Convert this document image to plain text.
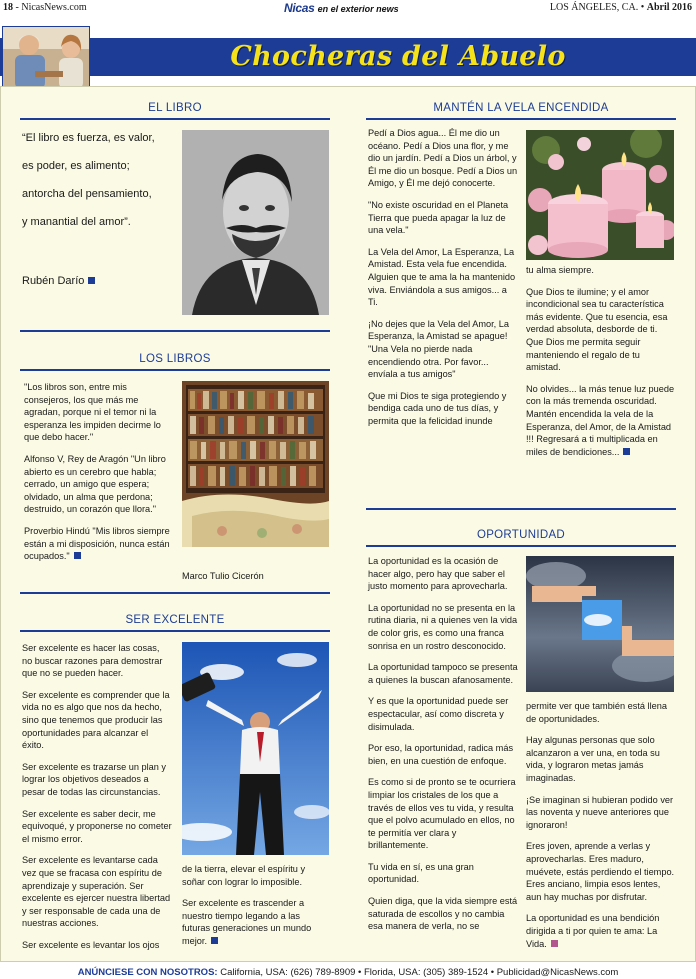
18 - NicasNews.com	Nicas en el exterior news	LOS ÁNGELES, CA. • Abril 2016
Chocheras del Abuelo
EL LIBRO
“El libro es fuerza, es valor,
es poder, es alimento;
antorcha del pensamiento,
y manantial del amor”.
Rubén Darío
LOS LIBROS

"Los libros son, entre mis consejeros, los que más me agradan, porque ni el temor ni la esperanza les impiden decirme lo que debo hacer."

Alfonso V, Rey de Aragón "Un libro abierto es un cerebro que habla; cerrado, un amigo que espera; olvidado, un alma que perdona; destruido, un corazón que llora."

Proverbio Hindú "Mis libros siempre están a mi disposición, nunca están ocupados."

Marco Tulio Cicerón
SER EXCELENTE

Ser excelente es hacer las cosas, no buscar razones para demostrar que no se pueden hacer.

Ser excelente es comprender que la vida no es algo que nos da hecho, sino que tenemos que producir las oportunidades para alcanzar el éxito.

Ser excelente es trazarse un plan y lograr los objetivos deseados a pesar de todas las circunstancias.

Ser excelente es saber decir, me equivoqué, y proponerse no cometer el mismo error.

Ser excelente es levantarse cada vez que se fracasa con espíritu de aprendizaje y superación. Ser excelente es ejercer nuestra libertad y ser responsable de cada una de nuestras acciones.

Ser excelente es levantar los ojos

de la tierra, elevar el espíritu y soñar con lograr lo imposible.

Ser excelente es trascender a nuestro tiempo legando a las futuras generaciones un mundo mejor.

MANTÉN LA VELA ENCENDIDA

Pedí a Dios agua... Él me dio un océano. Pedí a Dios una flor, y me dio un jardín. Pedí a Dios un árbol, y Él me dio un bosque. Pedí a Dios un Amigo, y Él me dejó conocerte.

"No existe oscuridad en el Planeta Tierra que pueda apagar la luz de una vela."

La Vela del Amor, La Esperanza, La Amistad. Esta vela fue encendida. Alguien que te ama la ha mantenido viva. Enviándola a sus amigos... a Ti.

¡No dejes que la Vela del Amor, La Esperanza, la Amistad se apague! "Una Vela no pierde nada encendiendo otra. Por favor... envíala a tus amigos"

Que mi Dios te siga protegiendo y bendiga cada uno de tus días, y permita que la felicidad inunde

tu alma siempre.

Que Dios te ilumine; y el amor incondicional sea tu característica más evidente. Que tu esencia, esa verdad absoluta, desborde de ti. Que Dios me permita seguir manteniendo el regalo de tu amistad.

No olvides... la más tenue luz puede con la más tremenda oscuridad. Mantén encendida la vela de la Esperanza, del Amor, de la Amistad !!! Regresará a ti multiplicada en miles de bendiciones...

OPORTUNIDAD

La oportunidad es la ocasión de hacer algo, pero hay que saber el justo momento para aprovecharla.

La oportunidad no se presenta en la rutina diaria, ni a quienes ven la vida de color gris, es como una franca sonrisa en un rostro desconocido.

La oportunidad tampoco se presenta a quienes la buscan afanosamente.

Y es que la oportunidad puede ser espectacular, así como discreta y disimulada.

Por eso, la oportunidad, radica más bien, en una cuestión de enfoque.

Es como si de pronto se te ocurriera limpiar los cristales de los que a través de ellos ves tu vida, y resulta que el polvo acumulado en ellos, no te permitía ver clara y brillantemente.

Tu vida en sí, es una gran oportunidad.

Quien diga, que la vida siempre está saturada de escollos y no cambia esa manera de verla, no se

permite ver que también está llena de oportunidades.

Hay algunas personas que solo alcanzaron a ver una, en toda su vida, y lograron metas jamás imaginadas.

¡Se imaginan si hubieran podido ver las noventa y nueve anteriores que ignoraron!

Eres joven, aprende a verlas y aprovecharlas. Eres maduro, muévete, estás perdiendo el tiempo. Eres anciano, limpia esos lentes, aun hay muchas por disfrutar.

La oportunidad es una bendición dirigida a ti por quien te ama: La Vida.

ANÚNCIESE CON NOSOTROS: California, USA: (626) 789-8909 • Florida, USA: (305) 389-1524 • Publicidad@NicasNews.com
